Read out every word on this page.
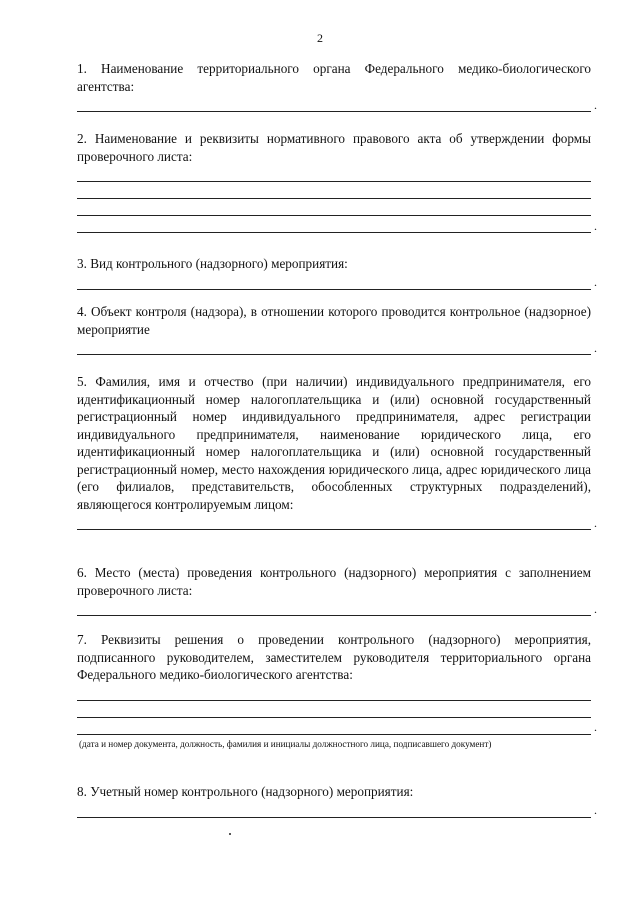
2

1. Наименование территориального органа Федерального медико-биологического агентства:

.

2. Наименование и реквизиты нормативного правового акта об утверждении формы проверочного листа:

.

3. Вид контрольного (надзорного) мероприятия:

.

4. Объект контроля (надзора), в отношении которого проводится контрольное (надзорное) мероприятие

.

5. Фамилия, имя и отчество (при наличии) индивидуального предпринимателя, его идентификационный номер налогоплательщика и (или) основной государственный регистрационный номер индивидуального предпринимателя, адрес регистрации индивидуального предпринимателя, наименование юридического лица, его идентификационный номер налогоплательщика и (или) основной государственный регистрационный номер, место нахождения юридического лица, адрес юридического лица (его филиалов, представительств, обособленных структурных подразделений), являющегося контролируемым лицом:

.

6. Место (места) проведения контрольного (надзорного) мероприятия с заполнением проверочного листа:

.

7. Реквизиты решения о проведении контрольного (надзорного) мероприятия, подписанного руководителем, заместителем руководителя территориального органа Федерального медико-биологического агентства:

.

(дата и номер документа, должность, фамилия и инициалы должностного лица, подписавшего документ)

8. Учетный номер контрольного (надзорного) мероприятия:

.
